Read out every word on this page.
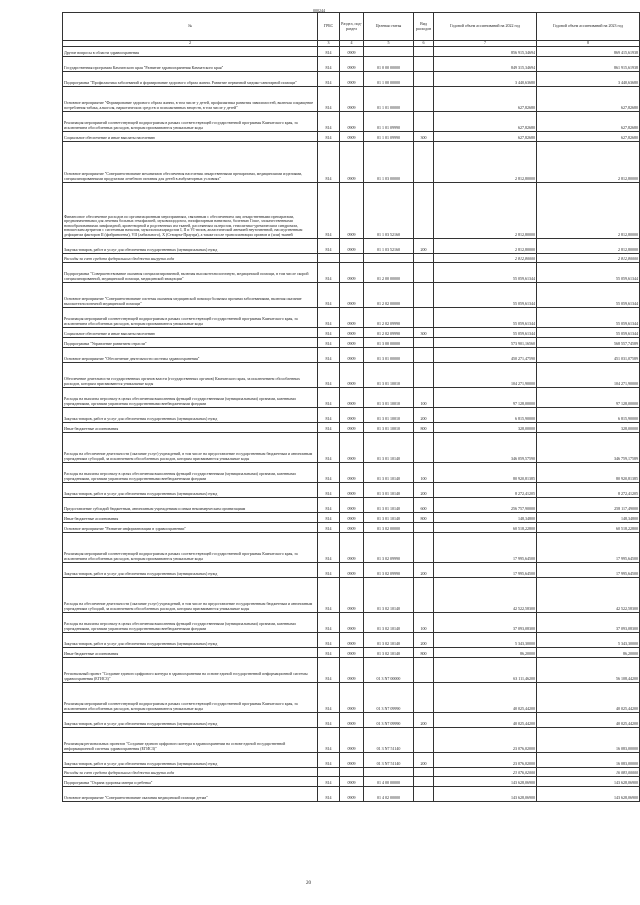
000244
№	ГРБС	Раздел, под-раздел	Целевая статья	Вид расходов	Годовой объем ассигнований на 2022 год	Годовой объем ассигнований на 2023 год
2	3	4	5	6	7	8
Другие вопросы в области здравоохранения	814	0909			856 915,34694	869 415,61938
Государственная программа Камчатского края "Развитие здравоохранения Камчатского края"	814	0909	01 0 00 00000		849 315,34694	861 915,61938
Подпрограмма "Профилактика заболеваний и формирование здорового образа жизни. Развитие первичной медико-санитарной помощи"	814	0909	01 1 00 00000		3 440,63680	3 440,63680
Основное мероприятие "Формирование здорового образа жизни, в том числе у детей, профилактика развития зависимостей, включая сокращение потребления табака, алкоголя, наркотических средств и психоактивных веществ, в том числе у детей"	814	0909	01 1 01 00000		627,82680	627,82680
Реализация мероприятий соответствующей подпрограммы в рамках соответствующей государственной программы Камчатского края, за исключением обособленных расходов, которым присваиваются уникальные коды	814	0909	01 1 01 09990		627,82680	627,82680
Социальное обеспечение и иные выплаты населению	814	0909	01 1 01 09990	300	627,82680	627,82680
Основное мероприятие "Совершенствование механизмов обеспечения населения лекарственными препаратами, медицинскими изделиями, специализированными продуктами лечебного питания для детей в амбулаторных условиях"	814	0909	01 1 03 00000		2 812,80000	2 812,80000
Финансовое обеспечение расходов по организационным мероприятиям, связанным с обеспечением лиц лекарственными препаратами, предназначенными для лечения больных гемофилией, муковисцидозом, гипофизарным нанизмом, болезнью Гоше, злокачественными новообразованиями лимфоидной, кроветворной и родственных им тканей, рассеянным склерозом, гемолитико-уремическим синдромом, юношеским артритом с системным началом, мукополисахаридозом I, II и VI типов, апластической анемией неуточненной, наследственным дефицитом факторов II (фибриногена), VII (лабильного), X (Стюарта-Прауэра), а также после трансплантации органов и (или) тканей	814	0909	01 1 03 52160		2 812,80000	2 812,80000
Закупка товаров, работ и услуг для обеспечения государственных (муниципальных) нужд	814	0909	01 1 03 52160	200	2 812,80000	2 812,80000
Расходы за счет средств федерального бюджета выгрузка года					2 812,80000	2 812,80000
Подпрограмма "Совершенствование оказания специализированной, включая высокотехнологичную, медицинской помощи, в том числе скорой специализированной, медицинской помощи, медицинской эвакуации"	814	0909	01 2 00 00000		55 059,61344	55 059,61344
Основное мероприятие "Совершенствование системы оказания медицинской помощи больным прочими заболеваниями, включая оказание высокотехнологичной медицинской помощи"	814	0909	01 2 02 00000		55 059,61344	55 059,61344
Реализация мероприятий соответствующей подпрограммы в рамках соответствующей государственной программы Камчатского края, за исключением обособленных расходов, которым присваиваются уникальные коды	814	0909	01 2 02 09990		55 059,61344	55 059,61344
Социальное обеспечение и иные выплаты населению	814	0909	01 2 02 09990	300	55 059,61344	55 059,61344
Подпрограмма "Управление развитием отрасли"	814	0909	01 3 00 00000		573 901,16560	568 557,74589
Основное мероприятие "Обеспечение деятельности системы здравоохранения"	814	0909	01 3 01 00000		450 271,47590	451 031,07589
Обеспечение деятельности государственных органов власти (государственных органов) Камчатского края, за исключением обособленных расходов, которым присваиваются уникальные коды	814	0909	01 3 01 10010		104 271,90000	104 271,90000
Расходы на выплаты персоналу в целях обеспечения выполнения функций государственными (муниципальными) органами, казенными учреждениями, органами управления государственными внебюджетными фондами	814	0909	01 3 01 10010	100	97 128,00000	97 128,00000
Закупка товаров, работ и услуг для обеспечения государственных (муниципальных) нужд	814	0909	01 3 01 10010	200	6 815,90000	6 815,90000
Иные бюджетные ассигнования	814	0909	01 3 01 10010	800	328,00000	328,00000
Расходы на обеспечение деятельности (оказание услуг) учреждений, в том числе на предоставление государственным бюджетным и автономным учреждениям субсидий, за исключением обособленных расходов, которым присваиваются уникальные коды	814	0909	01 3 01 10140		346 059,57590	346 759,17589
Расходы на выплаты персоналу в целях обеспечения выполнения функций государственными (муниципальными) органами, казенными учреждениями, органами управления государственными внебюджетными фондами	814	0909	01 3 01 10140	100	80 920,81385	80 920,81385
Закупка товаров, работ и услуг для обеспечения государственных (муниципальных) нужд	814	0909	01 3 01 10140	200	8 272,41205	8 272,41205
Предоставление субсидий бюджетным, автономным учреждениям и иным некоммерческим организациям	814	0909	01 3 01 10140	600	256 757,90000	258 117,49000
Иные бюджетные ассигнования	814	0909	01 3 01 10140	800	148,34800	148,34800
Основное мероприятие "Развитие информатизации в здравоохранении"	814	0909	01 3 02 00000		60 518,22800	60 518,22800
Реализация мероприятий соответствующей подпрограммы в рамках соответствующей государственной программы Камчатского края, за исключением обособленных расходов, которым присваиваются уникальные коды	814	0909	01 3 02 09990		17 995,64500	17 995,64500
Закупка товаров, работ и услуг для обеспечения государственных (муниципальных) нужд	814	0909	01 3 02 09990	200	17 995,64500	17 995,64500
Расходы на обеспечение деятельности (оказание услуг) учреждений, в том числе на предоставление государственным бюджетным и автономным учреждениям субсидий, за исключением обособленных расходов, которым присваиваются уникальные коды	814	0909	01 3 02 10140		42 522,58300	42 522,58300
Расходы на выплаты персоналу в целях обеспечения выполнения функций государственными (муниципальными) органами, казенными учреждениями, органами управления государственными внебюджетными фондами	814	0909	01 3 02 10140	100	37 093,08300	37 093,08300
Закупка товаров, работ и услуг для обеспечения государственных (муниципальных) нужд	814	0909	01 3 02 10140	200	5 343,30000	5 343,30000
Иные бюджетные ассигнования	814	0909	01 3 02 10140	800	86,20000	86,20000
Региональный проект "Создание единого цифрового контура в здравоохранении на основе единой государственной информационной системы здравоохранения (ЕГИСЗ)"	814	0909	01 3 N7 00000		63 111,46200	56 108,44200
Реализация мероприятий соответствующей подпрограммы в рамках соответствующей государственной программы Камчатского края, за исключением обособленных расходов, которым присваиваются уникальные коды	814	0909	01 3 N7 09990		40 025,44200	40 025,44200
Закупка товаров, работ и услуг для обеспечения государственных (муниципальных) нужд	814	0909	01 3 N7 09990	200	40 025,44200	40 025,44200
Реализация региональных проектов "Создание единого цифрового контура в здравоохранении на основе единой государственной информационной системы здравоохранения (ЕГИСЗ)"	814	0909	01 3 N7 51140		23 076,02000	16 083,00000
Закупка товаров, работ и услуг для обеспечения государственных (муниципальных) нужд	814	0909	01 3 N7 51140	200	23 076,02000	16 083,00000
Расходы за счет средств федерального бюджета выгрузка года					23 076,02000	16 083,00000
Подпрограмма "Охрана здоровья матери и ребенка"	814	0909	01 4 00 00000		143 628,06900	143 628,06900
Основное мероприятие "Совершенствование оказания медицинской помощи детям"	814	0909	01 4 02 00000		143 628,06900	143 628,06900
20
